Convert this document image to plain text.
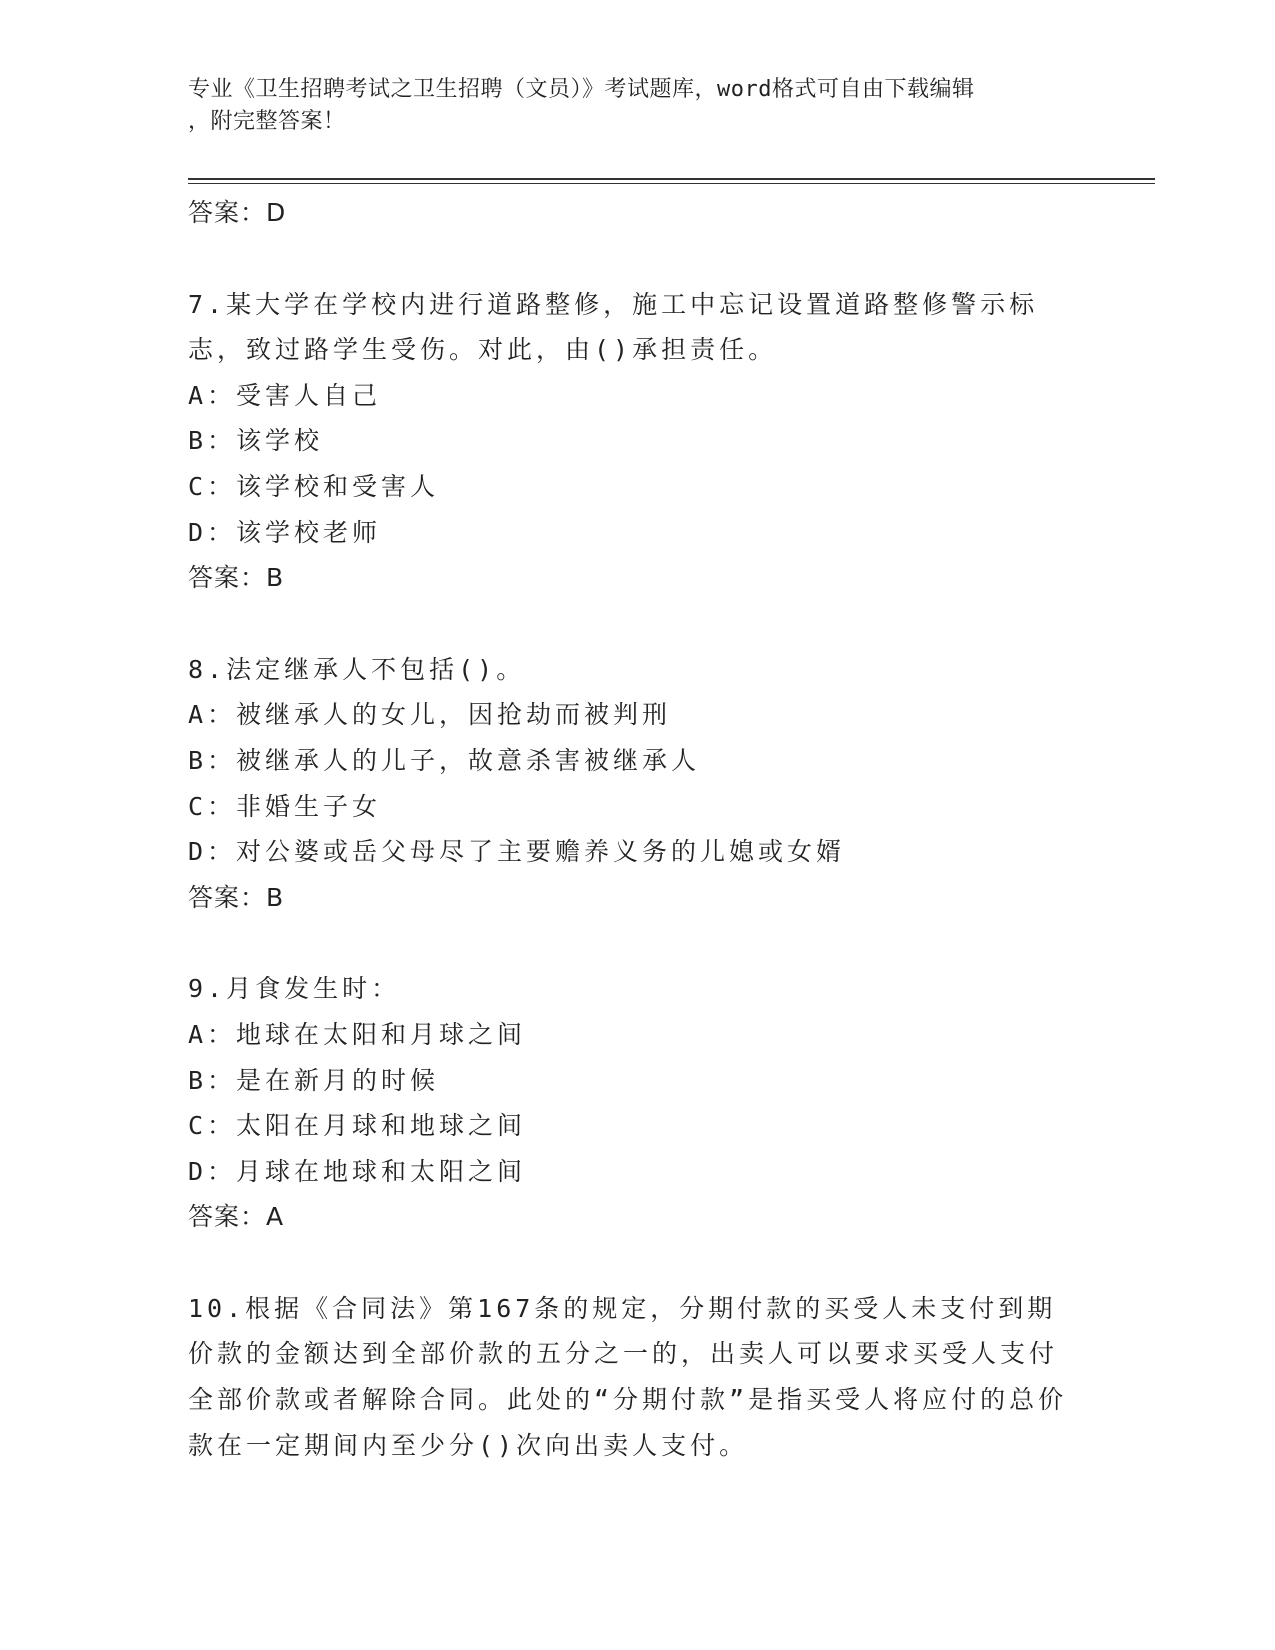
专业《卫生招聘考试之卫生招聘（文员）》考试题库，word格式可自由下载编辑
，附完整答案！
答案：D
7.某大学在学校内进行道路整修，施工中忘记设置道路整修警示标志，致过路学生受伤。对此，由()承担责任。
A：受害人自己
B：该学校
C：该学校和受害人
D：该学校老师
答案：B
8.法定继承人不包括()。
A：被继承人的女儿，因抢劫而被判刑
B：被继承人的儿子，故意杀害被继承人
C：非婚生子女
D：对公婆或岳父母尽了主要赡养义务的儿媳或女婿
答案：B
9.月食发生时：
A：地球在太阳和月球之间
B：是在新月的时候
C：太阳在月球和地球之间
D：月球在地球和太阳之间
答案：A
10.根据《合同法》第167条的规定，分期付款的买受人未支付到期价款的金额达到全部价款的五分之一的，出卖人可以要求买受人支付全部价款或者解除合同。此处的“分期付款”是指买受人将应付的总价款在一定期间内至少分()次向出卖人支付。
